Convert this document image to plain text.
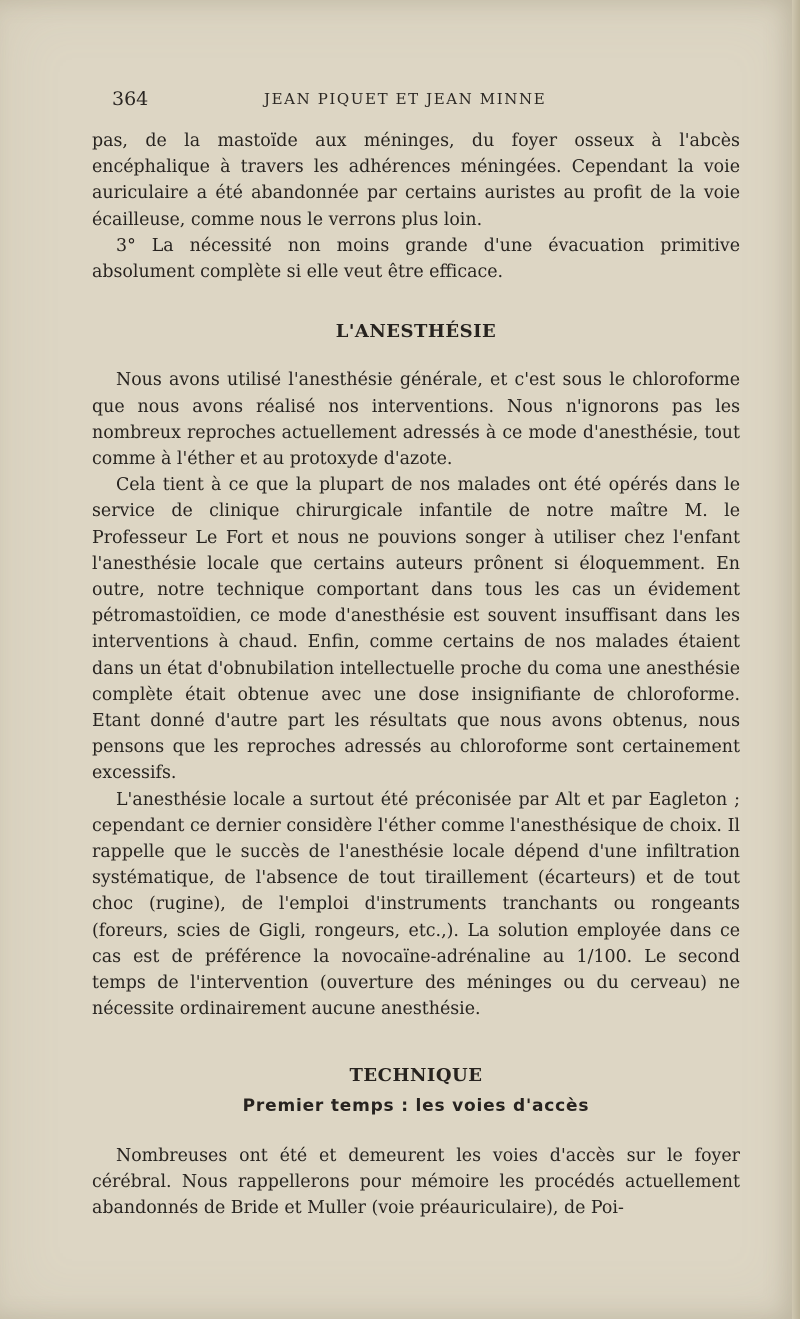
364	JEAN PIQUET ET JEAN MINNE

pas, de la mastoïde aux méninges, du foyer osseux à l'abcès encéphalique à travers les adhérences méningées. Cependant la voie auriculaire a été abandonnée par certains auristes au profit de la voie écailleuse, comme nous le verrons plus loin.

3° La nécessité non moins grande d'une évacuation primitive absolument complète si elle veut être efficace.

L'ANESTHÉSIE

Nous avons utilisé l'anesthésie générale, et c'est sous le chloroforme que nous avons réalisé nos interventions. Nous n'ignorons pas les nombreux reproches actuellement adressés à ce mode d'anesthésie, tout comme à l'éther et au protoxyde d'azote.

Cela tient à ce que la plupart de nos malades ont été opérés dans le service de clinique chirurgicale infantile de notre maître M. le Professeur Le Fort et nous ne pouvions songer à utiliser chez l'enfant l'anesthésie locale que certains auteurs prônent si éloquemment. En outre, notre technique comportant dans tous les cas un évidement pétromastoïdien, ce mode d'anesthésie est souvent insuffisant dans les interventions à chaud. Enfin, comme certains de nos malades étaient dans un état d'obnubilation intellectuelle proche du coma une anesthésie complète était obtenue avec une dose insignifiante de chloroforme. Etant donné d'autre part les résultats que nous avons obtenus, nous pensons que les reproches adressés au chloroforme sont certainement excessifs.

L'anesthésie locale a surtout été préconisée par Alt et par Eagleton ; cependant ce dernier considère l'éther comme l'anesthésique de choix. Il rappelle que le succès de l'anesthésie locale dépend d'une infiltration systématique, de l'absence de tout tiraillement (écarteurs) et de tout choc (rugine), de l'emploi d'instruments tranchants ou rongeants (foreurs, scies de Gigli, rongeurs, etc.,). La solution employée dans ce cas est de préférence la novocaïne-adrénaline au 1/100. Le second temps de l'intervention (ouverture des méninges ou du cerveau) ne nécessite ordinairement aucune anesthésie.

TECHNIQUE
Premier temps : les voies d'accès

Nombreuses ont été et demeurent les voies d'accès sur le foyer cérébral. Nous rappellerons pour mémoire les procédés actuellement abandonnés de Bride et Muller (voie préauriculaire), de Poi-
